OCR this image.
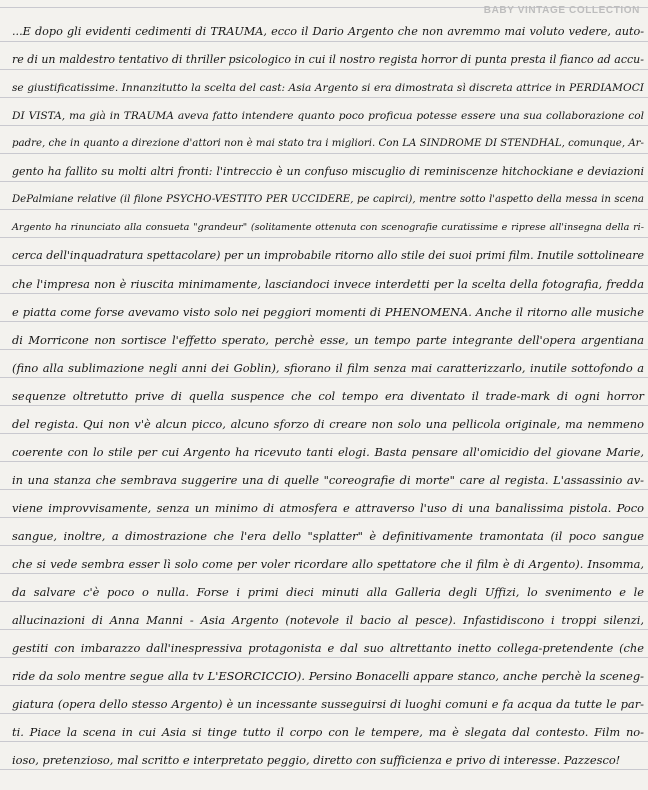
BABY VINTAGE COLLECTION
...E dopo gli evidenti cedimenti di TRAUMA, ecco il Dario Argento che non avremmo mai voluto vedere, auto-
re di un maldestro tentativo di thriller psicologico in cui il nostro regista horror di punta presta il fianco ad accu-
se giustificatissime. Innanzitutto la scelta del cast: Asia Argento si era dimostrata sì discreta attrice in PERDIAMOCI
DI VISTA, ma già in TRAUMA aveva fatto intendere quanto poco proficua potesse essere una sua collaborazione col
padre, che in quanto a direzione d'attori non è mai stato tra i migliori. Con LA SINDROME DI STENDHAL, comunque, Ar-
gento ha fallito su molti altri fronti: l'intreccio è un confuso miscuglio di reminiscenze hitchockiane e deviazioni
DePalmiane relative (il filone PSYCHO-VESTITO PER UCCIDERE, pe capirci), mentre sotto l'aspetto della messa in scena
Argento ha rinunciato alla consueta "grandeur" (solitamente ottenuta con scenografie curatissime e riprese all'insegna della ri-
cerca dell'inquadratura spettacolare) per un improbabile ritorno allo stile dei suoi primi film. Inutile sottolineare
che l'impresa non è riuscita minimamente, lasciandoci invece interdetti per la scelta della fotografia, fredda
e piatta come forse avevamo visto solo nei peggiori momenti di PHENOMENA. Anche il ritorno alle musiche
di Morricone non sortisce l'effetto sperato, perchè esse, un tempo parte integrante dell'opera argentiana
(fino alla sublimazione negli anni dei Goblin), sfiorano il film senza mai caratterizzarlo, inutile sottofondo a
sequenze oltretutto prive di quella suspence che col tempo era diventato il trade-mark di ogni horror
del regista. Qui non v'è alcun picco, alcuno sforzo di creare non solo una pellicola originale, ma nemmeno
coerente con lo stile per cui Argento ha ricevuto tanti elogi. Basta pensare all'omicidio del giovane Marie,
in una stanza che sembrava suggerire una di quelle "coreografie di morte" care al regista. L'assassinio av-
viene improvvisamente, senza un minimo di atmosfera e attraverso l'uso di una banalissima pistola. Poco
sangue, inoltre, a dimostrazione che l'era dello "splatter" è definitivamente tramontata (il poco sangue
che si vede sembra esser lì solo come per voler ricordare allo spettatore che il film è di Argento). Insomma,
da salvare c'è poco o nulla. Forse i primi dieci minuti alla Galleria degli Uffizi, lo svenimento e le
allucinazioni di Anna Manni - Asia Argento (notevole il bacio al pesce). Infastidiscono i troppi silenzi,
gestiti con imbarazzo dall'inespressiva protagonista e dal suo altrettanto inetto collega-pretendente (che
ride da solo mentre segue alla tv L'ESORCICCIO). Persino Bonacelli appare stanco, anche perchè la sceneg-
giatura (opera dello stesso Argento) è un incessante susseguirsi di luoghi comuni e fa acqua da tutte le par-
ti. Piace la scena in cui Asia si tinge tutto il corpo con le tempere, ma è slegata dal contesto. Film no-
ioso, pretenzioso, mal scritto e interpretato peggio, diretto con sufficienza e privo di interesse. Pazzesco!
